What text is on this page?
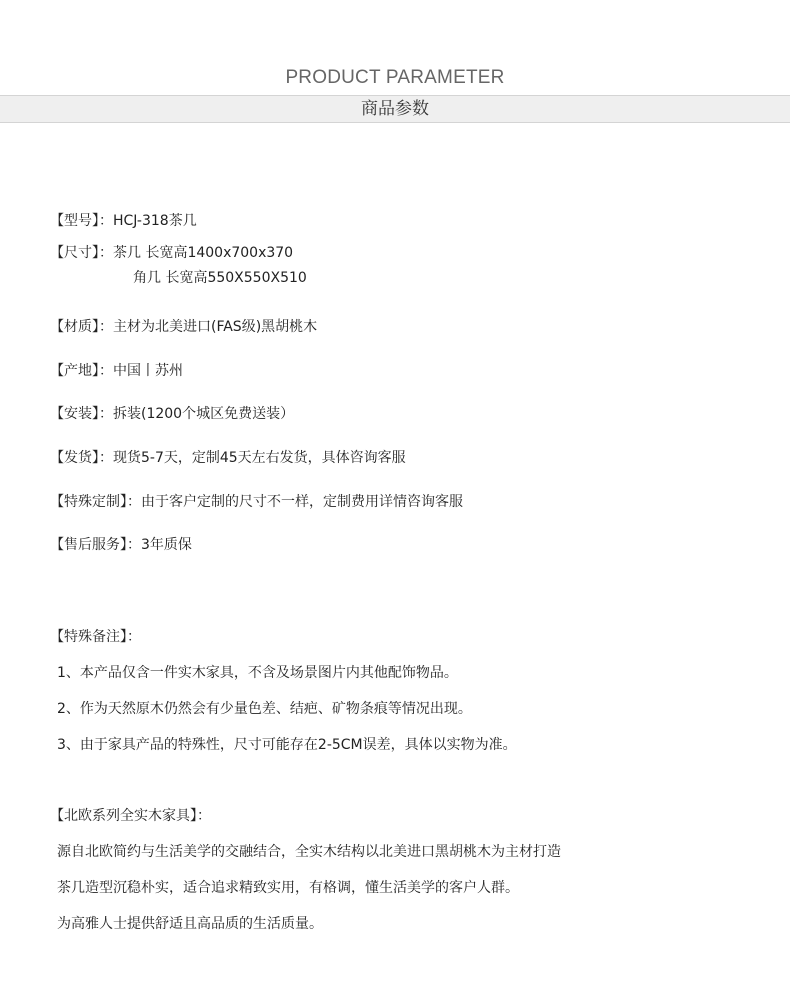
PRODUCT PARAMETER
商品参数
【型号】：HCJ-318茶几
【尺寸】：茶几 长宽高1400x700x370
角几 长宽高550X550X510
【材质】：主材为北美进口(FAS级)黑胡桃木
【产地】：中国丨苏州
【安装】：拆装(1200个城区免费送装）
【发货】：现货5-7天，定制45天左右发货，具体咨询客服
【特殊定制】：由于客户定制的尺寸不一样，定制费用详情咨询客服
【售后服务】：3年质保
【特殊备注】：
1、本产品仅含一件实木家具，不含及场景图片内其他配饰物品。
2、作为天然原木仍然会有少量色差、结疤、矿物条痕等情况出现。
3、由于家具产品的特殊性，尺寸可能存在2-5CM误差，具体以实物为准。
【北欧系列全实木家具】：
源自北欧简约与生活美学的交融结合，全实木结构以北美进口黑胡桃木为主材打造
茶几造型沉稳朴实，适合追求精致实用，有格调，懂生活美学的客户人群。
为高雅人士提供舒适且高品质的生活质量。
